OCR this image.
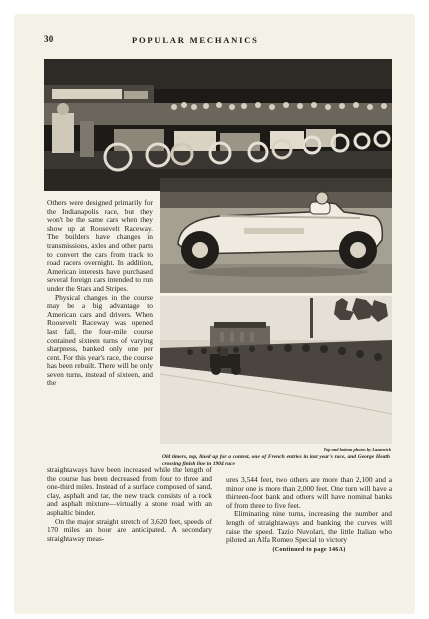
30	POPULAR MECHANICS
Top and bottom photos by Lazarnick
Old timers, top, lined up for a contest, one of French entries in last year's race, and George Heath crossing finish line in 1904 race

Others were designed primarily for the Indianapolis race, but they won't be the same cars when they show up at Roosevelt Raceway. The builders have changes in transmissions, axles and other parts to convert the cars from track to road racers overnight. In addition, American interests have purchased several foreign cars intended to run under the Stars and Stripes.

Physical changes in the course may be a big advantage to American cars and drivers. When Roosevelt Raceway was opened last fall, the four-mile course contained sixteen turns of varying sharpness, banked only one per cent. For this year's race, the course has been rebuilt. There will be only seven turns, instead of sixteen, and the

straightaways have been increased while the length of the course has been decreased from four to three and one-third miles. Instead of a surface composed of sand, clay, asphalt and tar, the new track consists of a rock and asphalt mixture—virtually a stone road with an asphaltic binder.

On the major straight stretch of 3,620 feet, speeds of 170 miles an hour are anticipated. A secondary straightaway meas-

ures 3,544 feet, two others are more than 2,100 and a minor one is more than 2,000 feet. One turn will have a thirteen-foot bank and others will have nominal banks of from three to five feet.

Eliminating nine turns, increasing the number and length of straightaways and banking the curves will raise the speed. Tazio Nuvolari, the little Italian who piloted an Alfa Romeo Special to victory

(Continued to page 146A)
